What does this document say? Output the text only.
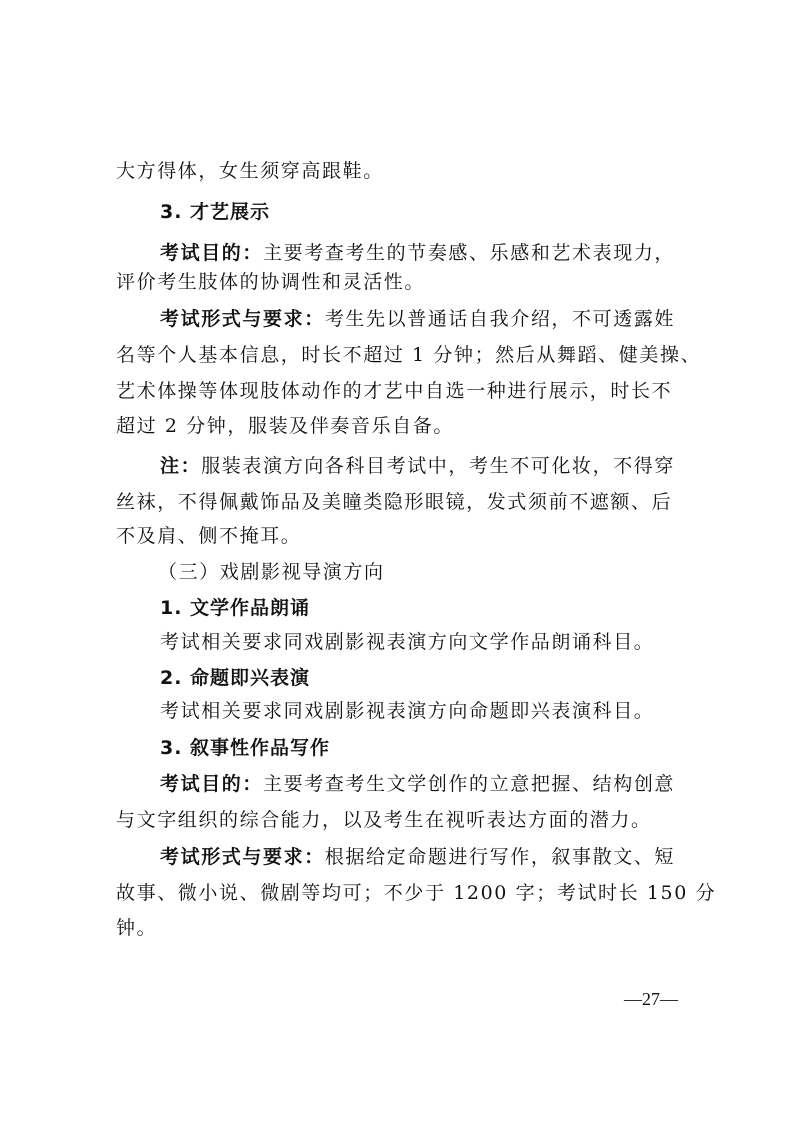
大方得体，女生须穿高跟鞋。
3. 才艺展示
考试目的：主要考查考生的节奏感、乐感和艺术表现力，
评价考生肢体的协调性和灵活性。
考试形式与要求：考生先以普通话自我介绍，不可透露姓
名等个人基本信息，时长不超过 1 分钟；然后从舞蹈、健美操、
艺术体操等体现肢体动作的才艺中自选一种进行展示，时长不
超过 2 分钟，服装及伴奏音乐自备。
注：服装表演方向各科目考试中，考生不可化妆，不得穿
丝袜，不得佩戴饰品及美瞳类隐形眼镜，发式须前不遮额、后
不及肩、侧不掩耳。
（三）戏剧影视导演方向
1. 文学作品朗诵
考试相关要求同戏剧影视表演方向文学作品朗诵科目。
2. 命题即兴表演
考试相关要求同戏剧影视表演方向命题即兴表演科目。
3. 叙事性作品写作
考试目的：主要考查考生文学创作的立意把握、结构创意
与文字组织的综合能力，以及考生在视听表达方面的潜力。
考试形式与要求：根据给定命题进行写作，叙事散文、短
故事、微小说、微剧等均可；不少于 1200 字；考试时长 150 分
钟。
—27—
